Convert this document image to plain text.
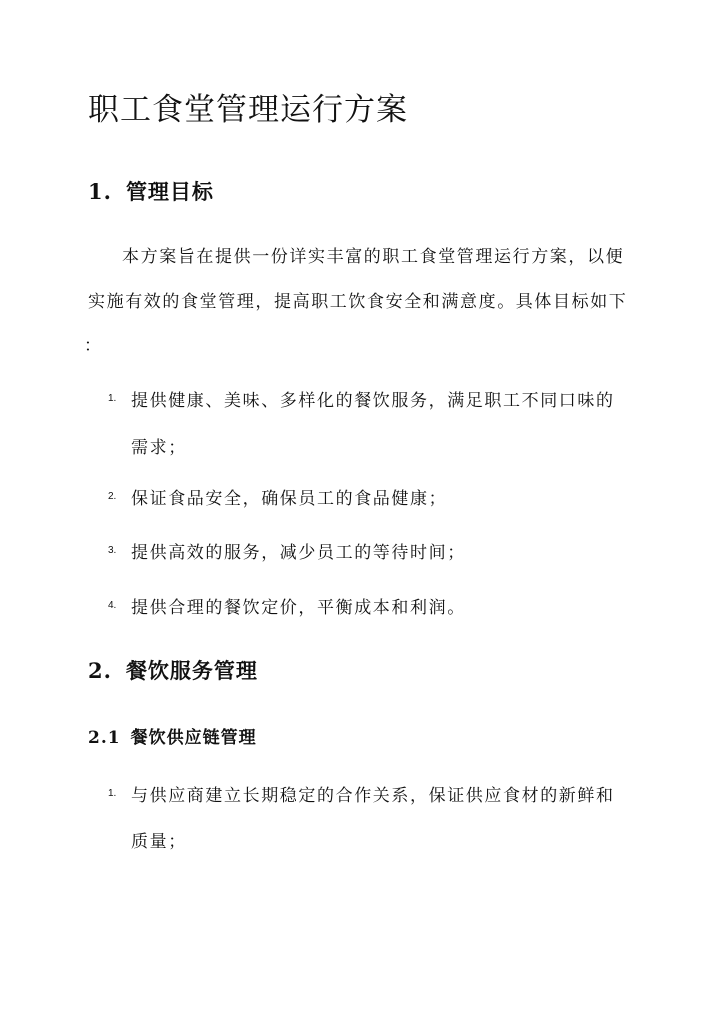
职工食堂管理运行方案
1. 管理目标

本方案旨在提供一份详实丰富的职工食堂管理运行方案，以便

实施有效的食堂管理，提高职工饮食安全和满意度。具体目标如下

：

1. 提供健康、美味、多样化的餐饮服务，满足职工不同口味的
需求；
2. 保证食品安全，确保员工的食品健康；
3. 提供高效的服务，减少员工的等待时间；
4. 提供合理的餐饮定价，平衡成本和利润。
2. 餐饮服务管理
2.1 餐饮供应链管理
1. 与供应商建立长期稳定的合作关系，保证供应食材的新鲜和
质量；
